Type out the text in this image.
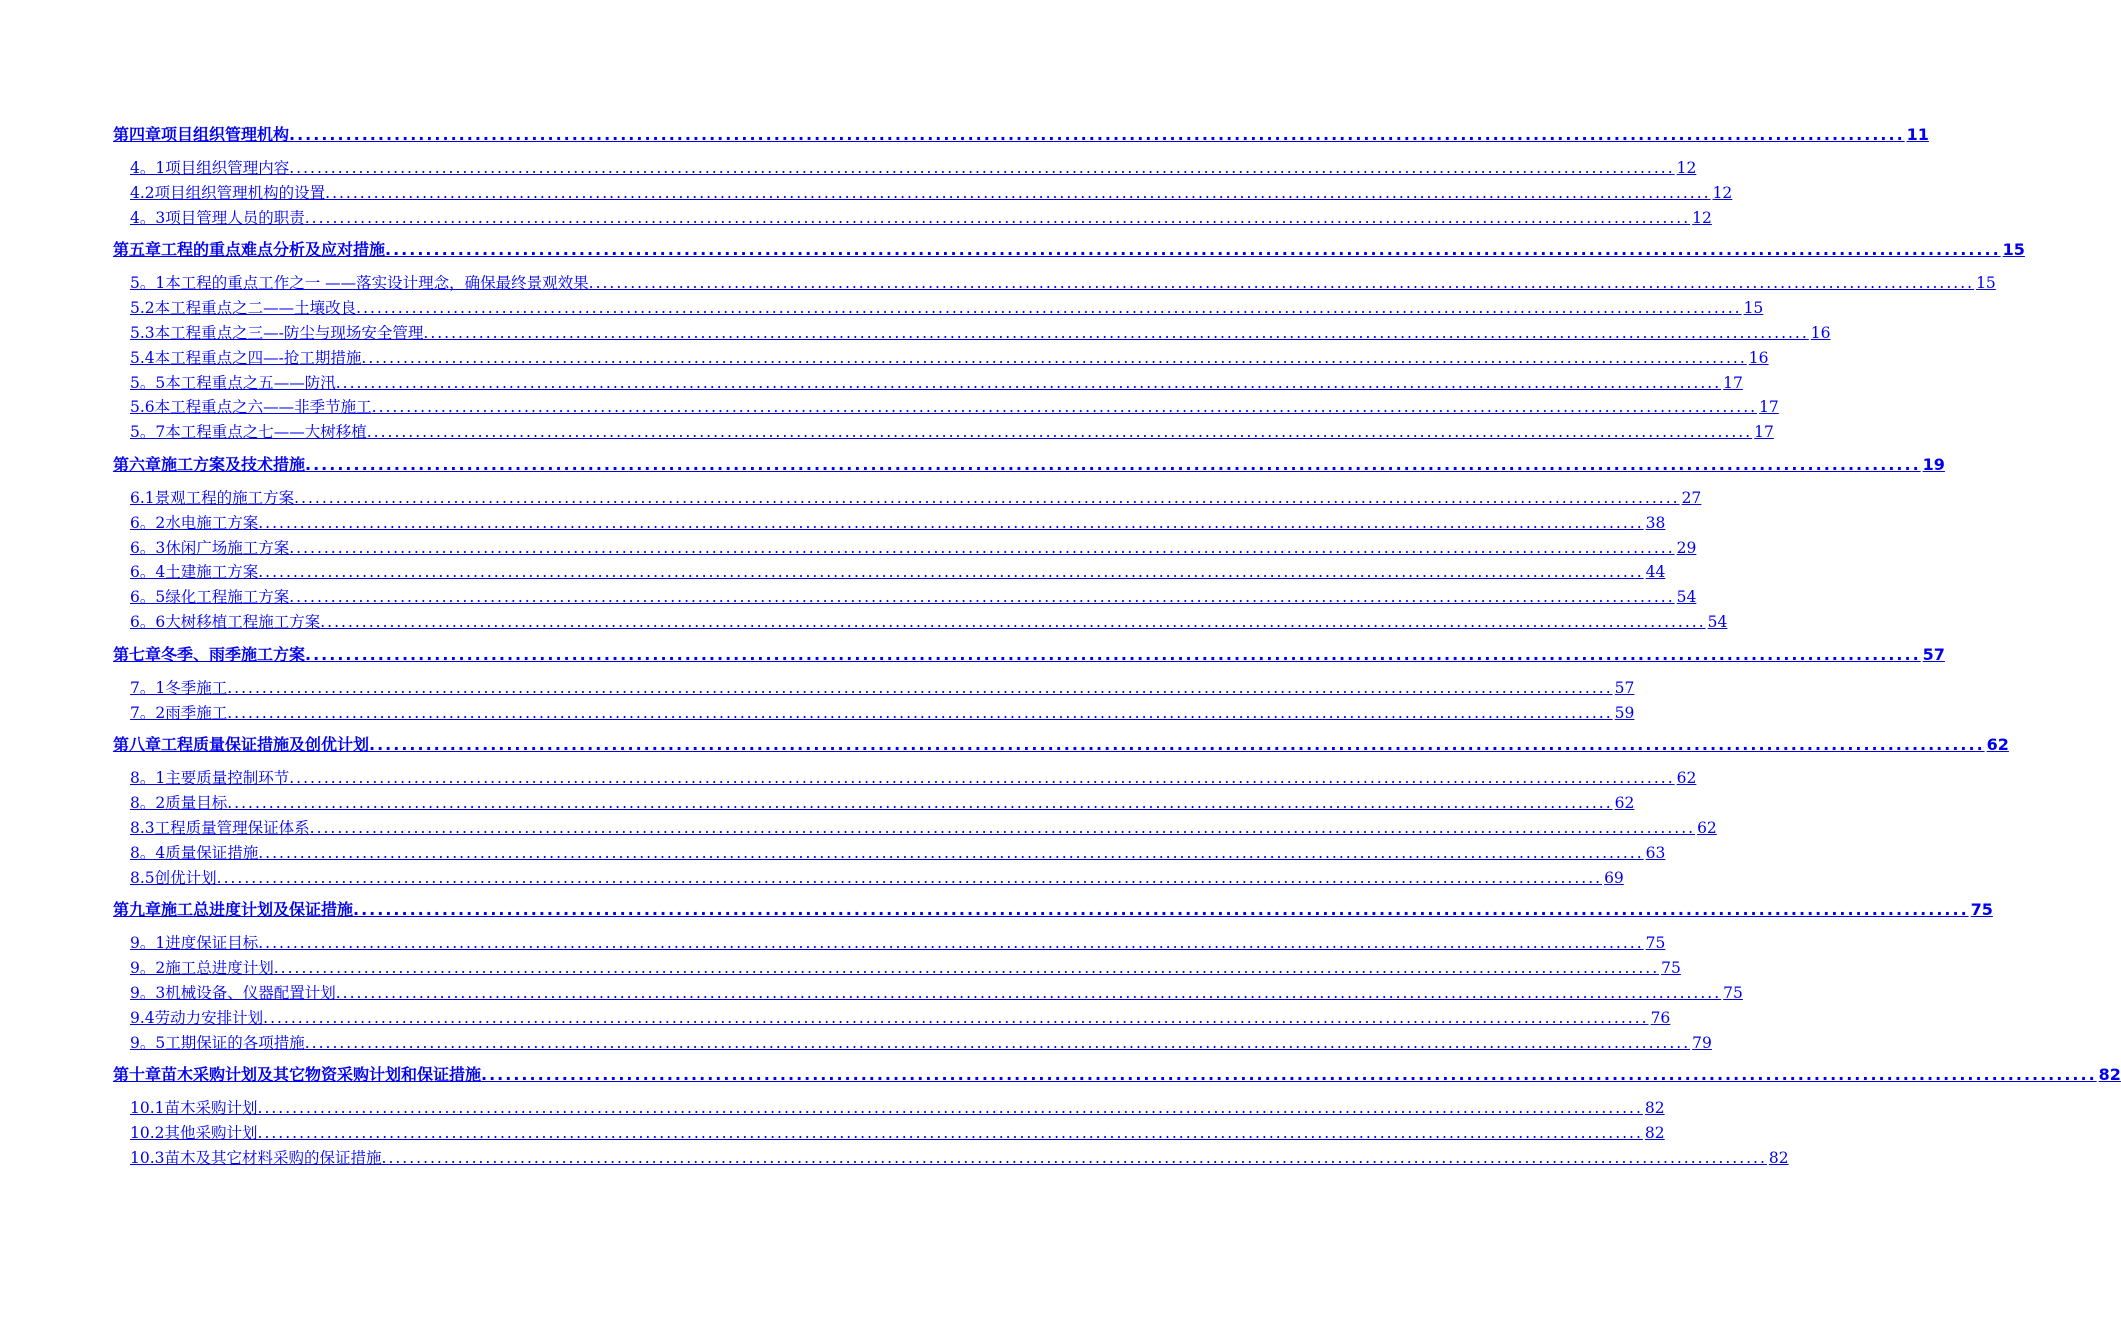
第四章项目组织管理机构 ........................................................................................................................................................................................................ 11
4。1项目组织管理内容 ........................................................................................................................................................................................................ 12
4.2项目组织管理机构的设置 ........................................................................................................................................................................................................ 12
4。3项目管理人员的职责 ........................................................................................................................................................................................................ 12
第五章工程的重点难点分析及应对措施 ........................................................................................................................................................................................................ 15
5。1本工程的重点工作之一 ——落实设计理念，确保最终景观效果 ........................................................................................................................................................................................................ 15
5.2本工程重点之二——土壤改良 ........................................................................................................................................................................................................ 15
5.3本工程重点之三—-防尘与现场安全管理 ........................................................................................................................................................................................................ 16
5.4本工程重点之四—-抢工期措施 ........................................................................................................................................................................................................ 16
5。5本工程重点之五——防汛 ........................................................................................................................................................................................................ 17
5.6本工程重点之六——非季节施工 ........................................................................................................................................................................................................ 17
5。7本工程重点之七——大树移植 ........................................................................................................................................................................................................ 17
第六章施工方案及技术措施 ........................................................................................................................................................................................................ 19
6.1景观工程的施工方案 ........................................................................................................................................................................................................ 27
6。2水电施工方案 ........................................................................................................................................................................................................ 38
6。3休闲广场施工方案 ........................................................................................................................................................................................................ 29
6。4土建施工方案 ........................................................................................................................................................................................................ 44
6。5绿化工程施工方案 ........................................................................................................................................................................................................ 54
6。6大树移植工程施工方案 ........................................................................................................................................................................................................ 54
第七章冬季、雨季施工方案 ........................................................................................................................................................................................................ 57
7。1冬季施工 ........................................................................................................................................................................................................ 57
7。2雨季施工 ........................................................................................................................................................................................................ 59
第八章工程质量保证措施及创优计划 ........................................................................................................................................................................................................ 62
8。1主要质量控制环节 ........................................................................................................................................................................................................ 62
8。2质量目标 ........................................................................................................................................................................................................ 62
8.3工程质量管理保证体系 ........................................................................................................................................................................................................ 62
8。4质量保证措施 ........................................................................................................................................................................................................ 63
8.5创优计划 ........................................................................................................................................................................................................ 69
第九章施工总进度计划及保证措施 ........................................................................................................................................................................................................ 75
9。1进度保证目标 ........................................................................................................................................................................................................ 75
9。2施工总进度计划 ........................................................................................................................................................................................................ 75
9。3机械设备、仪器配置计划 ........................................................................................................................................................................................................ 75
9.4劳动力安排计划 ........................................................................................................................................................................................................ 76
9。5工期保证的各项措施 ........................................................................................................................................................................................................ 79
第十章苗木采购计划及其它物资采购计划和保证措施 ........................................................................................................................................................................................................ 82
10.1苗木采购计划 ........................................................................................................................................................................................................ 82
10.2其他采购计划 ........................................................................................................................................................................................................ 82
10.3苗木及其它材料采购的保证措施 ........................................................................................................................................................................................................ 82
